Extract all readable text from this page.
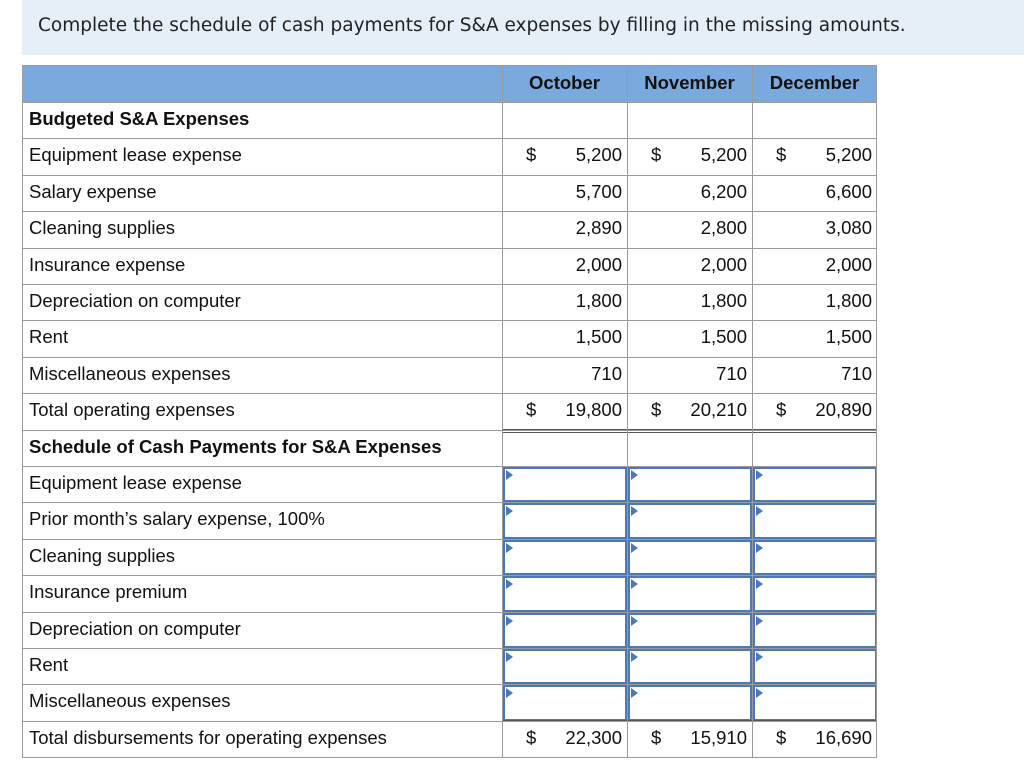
Complete the schedule of cash payments for S&A expenses by filling in the missing amounts.
October	November	December
Budgeted S&A Expenses
Equipment lease expense	$ 5,200 $ 5,200 $ 5,200
Salary expense	5,700	6,200	6,600
Cleaning supplies	2,890	2,800	3,080
Insurance expense	2,000	2,000	2,000
Depreciation on computer	1,800	1,800	1,800
Rent	1,500	1,500	1,500
Miscellaneous expenses	710	710	710
Total operating expenses	$ 19,800 $ 20,210 $ 20,890
Schedule of Cash Payments for S&A Expenses
Equipment lease expense
Prior month’s salary expense, 100%
Cleaning supplies
Insurance premium
Depreciation on computer
Rent
Miscellaneous expenses
Total disbursements for operating expenses	$ 22,300 $ 15,910 $ 16,690
